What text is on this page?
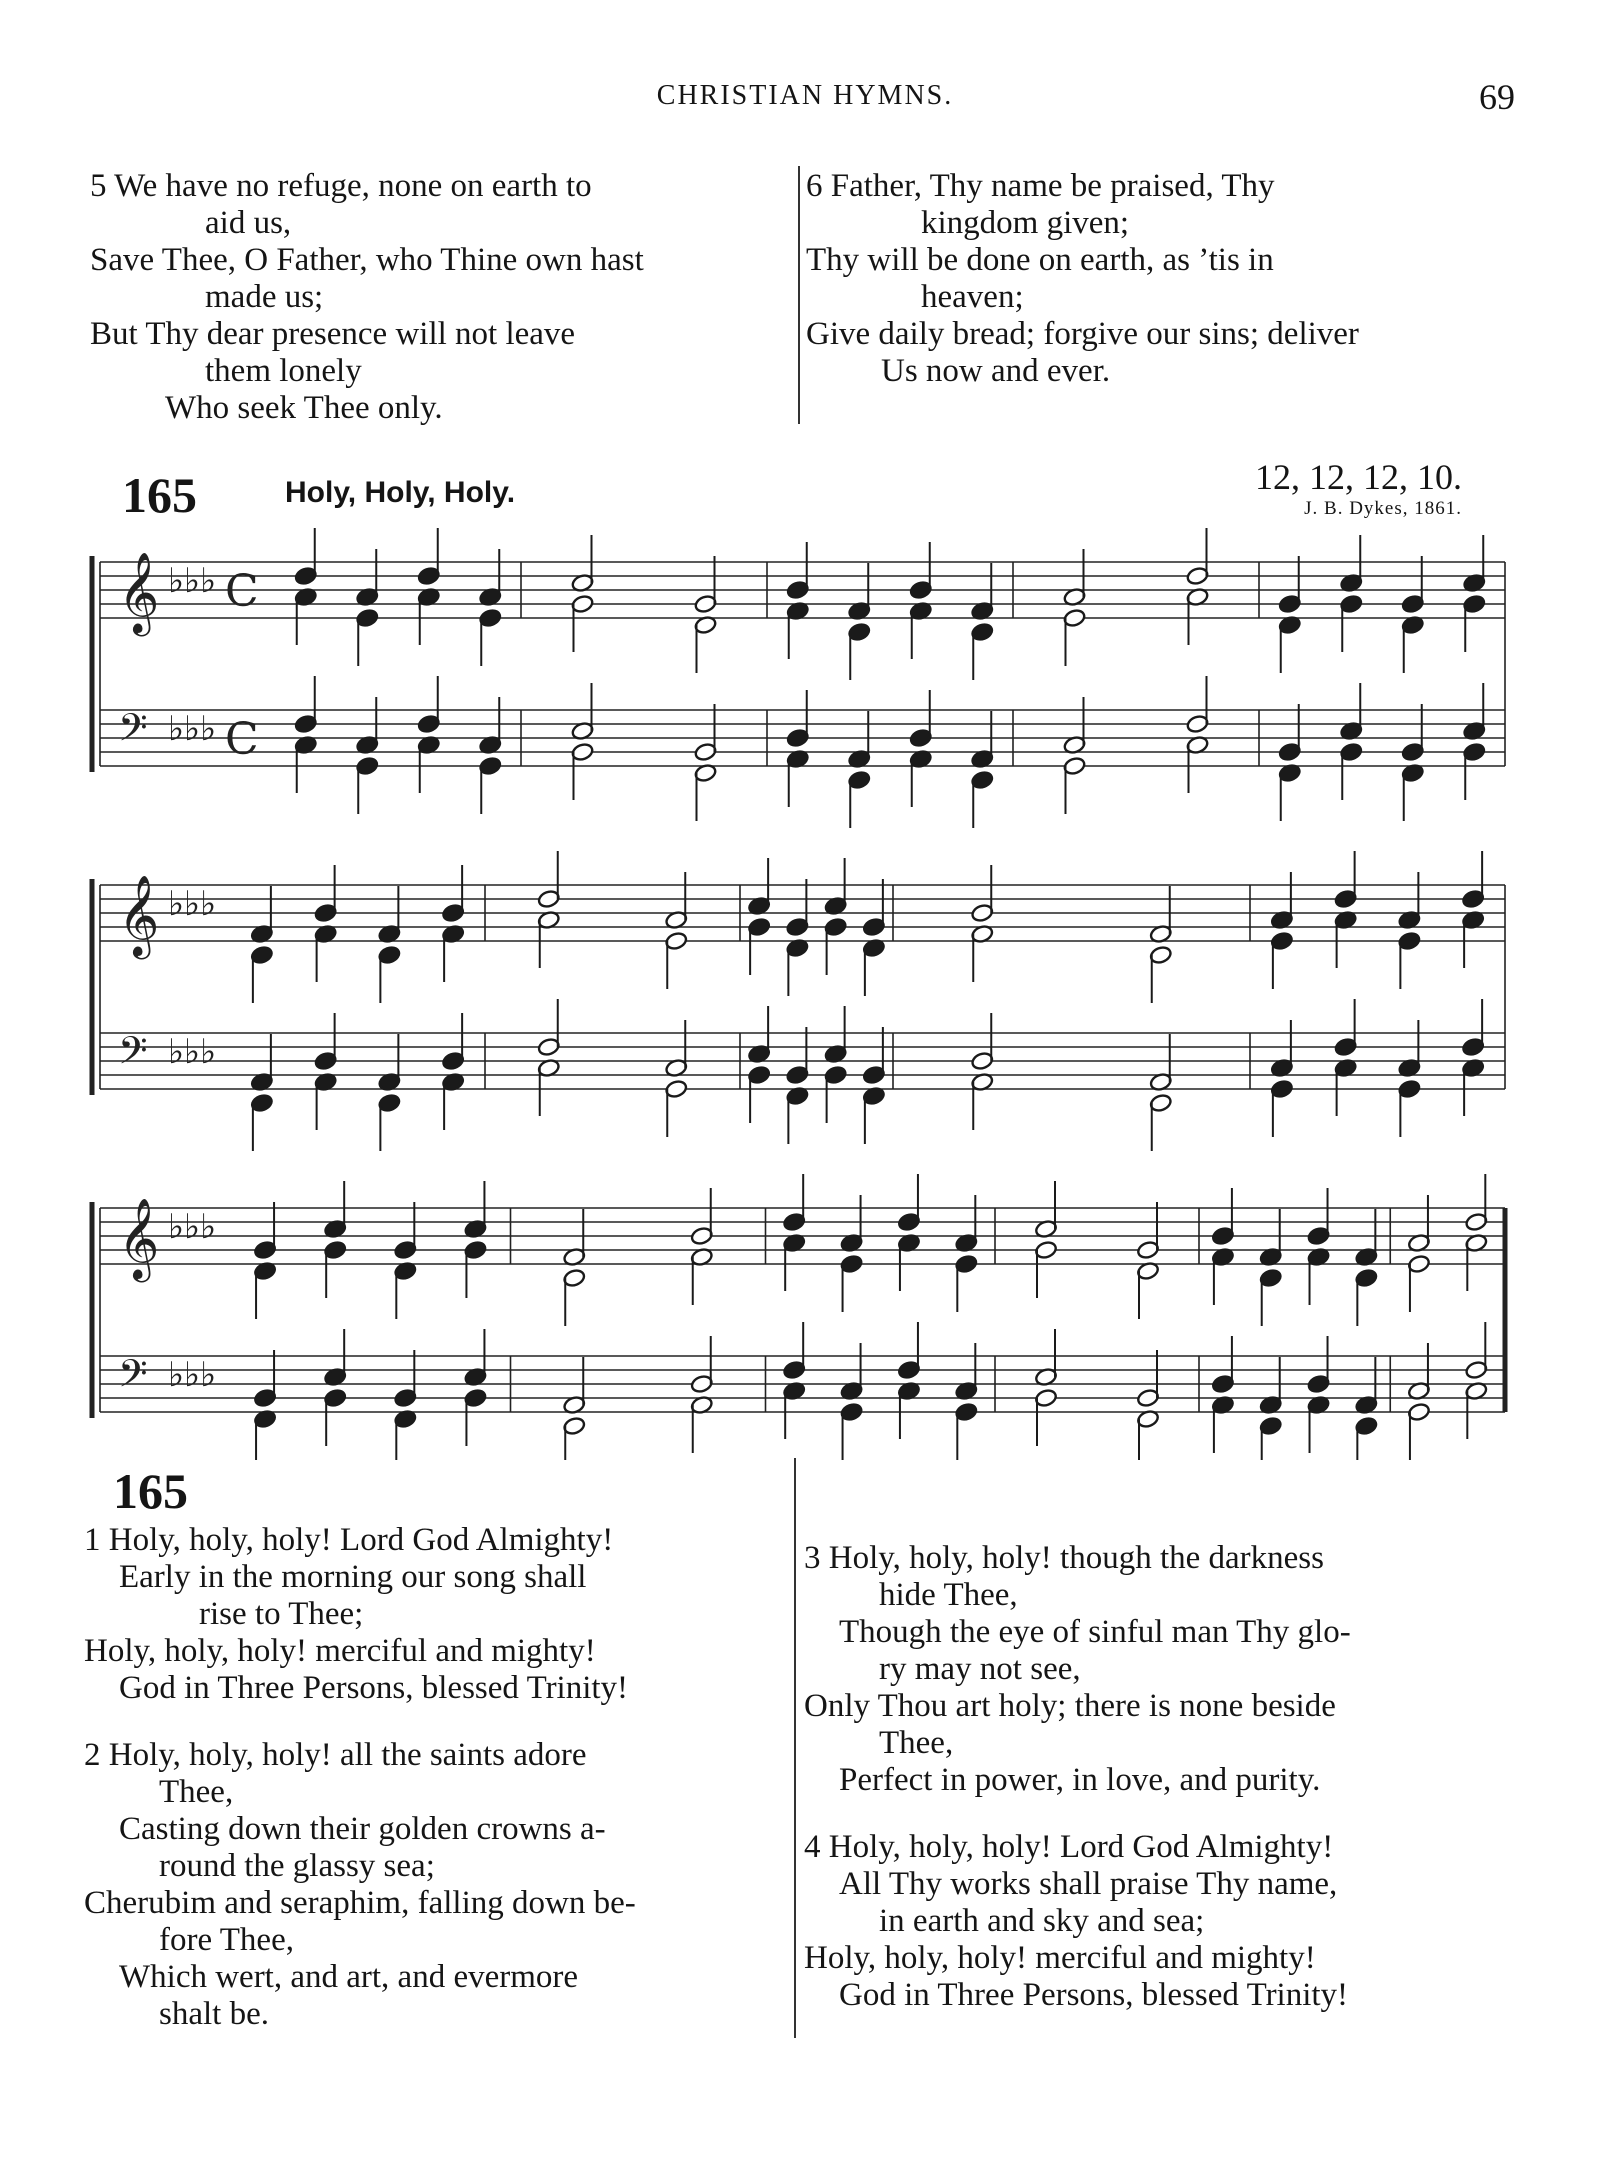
CHRISTIAN HYMNS.	69
5 We have no refuge, none on earth to
aid us,
Save Thee, O Father, who Thine own hast
made us;
But Thy dear presence will not leave
them lonely
Who seek Thee only.
6 Father, Thy name be praised, Thy
kingdom given;
Thy will be done on earth, as ’tis in
heaven;
Give daily bread; forgive our sins; deliver
Us now and ever.
165	Holy, Holy, Holy.	12, 12, 12, 10.
J. B. Dykes, 1861.
𝄞 ♭♭♭ C
𝄢 ♭♭♭ C
𝄞 ♭♭♭
𝄢 ♭♭♭
𝄞 ♭♭♭
𝄢 ♭♭♭
165
1 Holy, holy, holy! Lord God Almighty!
Early in the morning our song shall
rise to Thee;
Holy, holy, holy! merciful and mighty!
God in Three Persons, blessed Trinity!
2 Holy, holy, holy! all the saints adore
Thee,
Casting down their golden crowns a-
round the glassy sea;
Cherubim and seraphim, falling down be-
fore Thee,
Which wert, and art, and evermore
shalt be.
3 Holy, holy, holy! though the darkness
hide Thee,
Though the eye of sinful man Thy glo-
ry may not see,
Only Thou art holy; there is none beside
Thee,
Perfect in power, in love, and purity.
4 Holy, holy, holy! Lord God Almighty!
All Thy works shall praise Thy name,
in earth and sky and sea;
Holy, holy, holy! merciful and mighty!
God in Three Persons, blessed Trinity!
